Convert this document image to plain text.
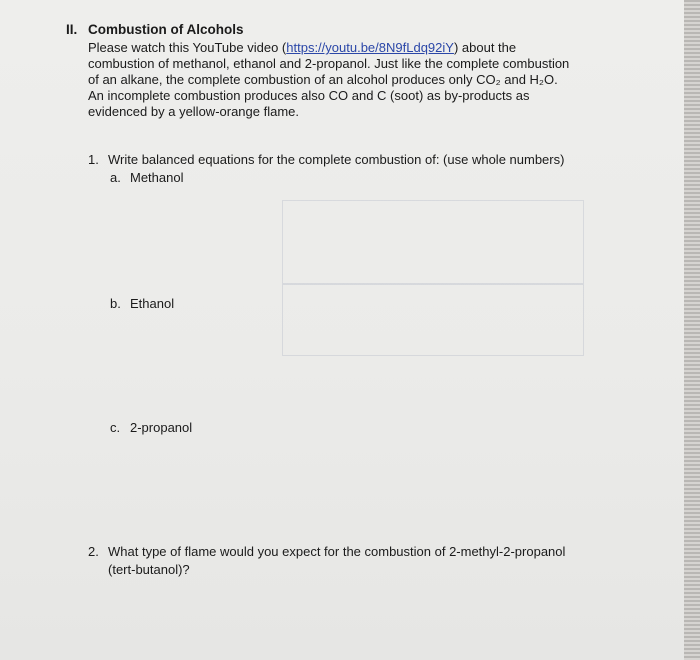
II. Combustion of Alcohols

Please watch this YouTube video (https://youtu.be/8N9fLdq92iY) about the
combustion of methanol, ethanol and 2-propanol. Just like the complete combustion
of an alkane, the complete combustion of an alcohol produces only CO₂ and H₂O.
An incomplete combustion produces also CO and C (soot) as by-products as
evidenced by a yellow-orange flame.
1. Write balanced equations for the complete combustion of: (use whole numbers)
a. Methanol
b. Ethanol
c. 2-propanol
2. What type of flame would you expect for the combustion of 2-methyl-2-propanol
(tert-butanol)?
